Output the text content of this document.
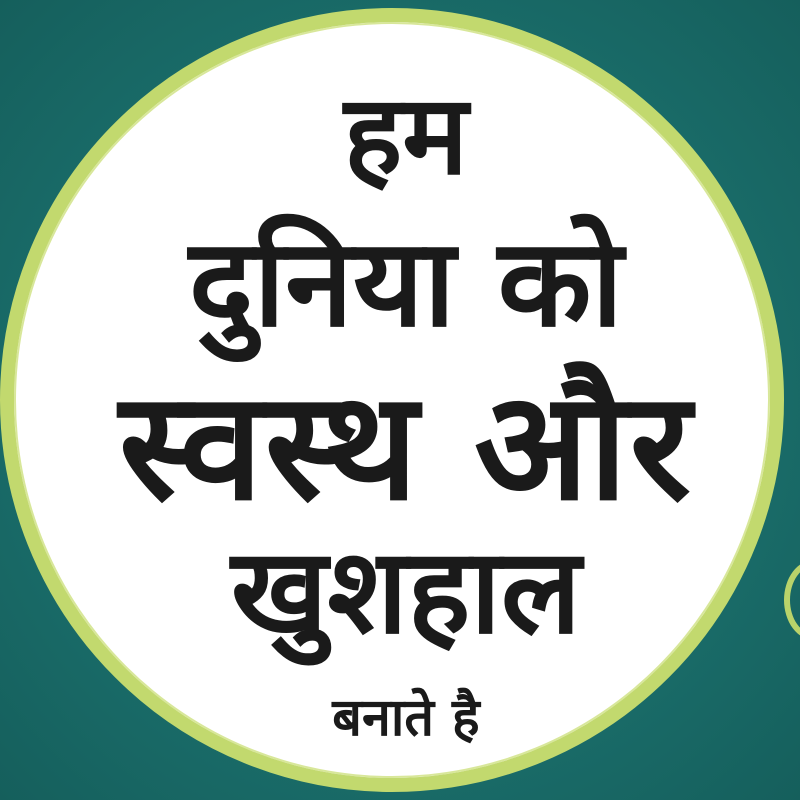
हम
दुनिया को
स्वस्थ और
खुशहाल
बनाते है
